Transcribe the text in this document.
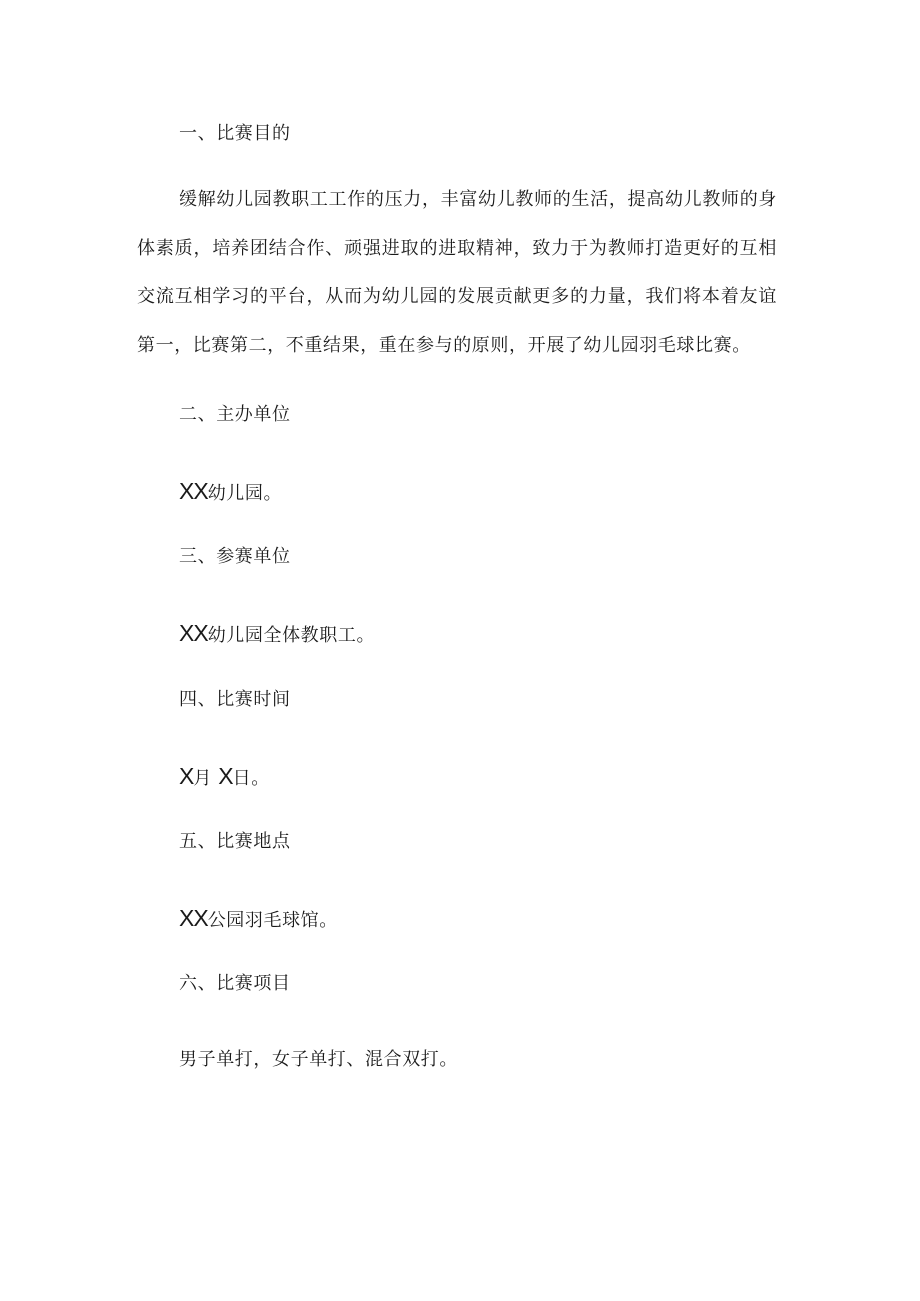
一、比赛目的
缓解幼儿园教职工工作的压力，丰富幼儿教师的生活，提高幼儿教师的身体素质，培养团结合作、顽强进取的进取精神，致力于为教师打造更好的互相交流互相学习的平台，从而为幼儿园的发展贡献更多的力量，我们将本着友谊第一，比赛第二，不重结果，重在参与的原则，开展了幼儿园羽毛球比赛。
二、主办单位
XX幼儿园。
三、参赛单位
XX幼儿园全体教职工。
四、比赛时间
X月 X日。
五、比赛地点
XX公园羽毛球馆。
六、比赛项目
男子单打，女子单打、混合双打。
